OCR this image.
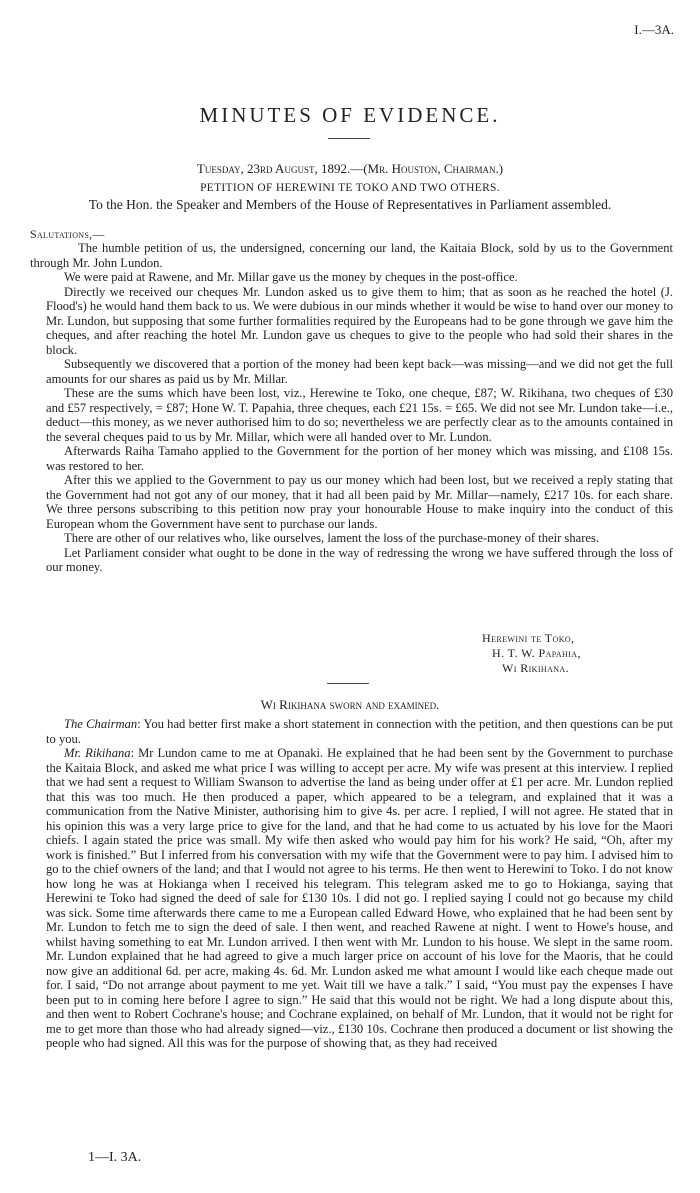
I.—3A.
MINUTES OF EVIDENCE.
Tuesday, 23rd August, 1892.—(Mr. Houston, Chairman.)
PETITION OF HEREWINI TE TOKO AND TWO OTHERS.
To the Hon. the Speaker and Members of the House of Representatives in Parliament assembled.
Salutations,—

The humble petition of us, the undersigned, concerning our land, the Kaitaia Block, sold by us to the Government through Mr. John Lundon.

We were paid at Rawene, and Mr. Millar gave us the money by cheques in the post-office.

Directly we received our cheques Mr. Lundon asked us to give them to him; that as soon as he reached the hotel (J. Flood's) he would hand them back to us. We were dubious in our minds whether it would be wise to hand over our money to Mr. Lundon, but supposing that some further formalities required by the Europeans had to be gone through we gave him the cheques, and after reaching the hotel Mr. Lundon gave us cheques to give to the people who had sold their shares in the block.

Subsequently we discovered that a portion of the money had been kept back—was missing—and we did not get the full amounts for our shares as paid us by Mr. Millar.

These are the sums which have been lost, viz., Herewine te Toko, one cheque, £87; W. Rikihana, two cheques of £30 and £57 respectively, = £87; Hone W. T. Papahia, three cheques, each £21 15s. = £65. We did not see Mr. Lundon take—i.e., deduct—this money, as we never authorised him to do so; nevertheless we are perfectly clear as to the amounts contained in the several cheques paid to us by Mr. Millar, which were all handed over to Mr. Lundon.

Afterwards Raiha Tamaho applied to the Government for the portion of her money which was missing, and £108 15s. was restored to her.

After this we applied to the Government to pay us our money which had been lost, but we received a reply stating that the Government had not got any of our money, that it had all been paid by Mr. Millar—namely, £217 10s. for each share. We three persons subscribing to this petition now pray your honourable House to make inquiry into the conduct of this European whom the Government have sent to purchase our lands.

There are other of our relatives who, like ourselves, lament the loss of the purchase-money of their shares.

Let Parliament consider what ought to be done in the way of redressing the wrong we have suffered through the loss of our money.

Herewini te Toko,
H. T. W. Papahia,
Wi Rikihana.
Wi Rikihana sworn and examined.

The Chairman: You had better first make a short statement in connection with the petition, and then questions can be put to you.

Mr. Rikihana: Mr Lundon came to me at Opanaki. He explained that he had been sent by the Government to purchase the Kaitaia Block, and asked me what price I was willing to accept per acre. My wife was present at this interview. I replied that we had sent a request to William Swanson to advertise the land as being under offer at £1 per acre. Mr. Lundon replied that this was too much. He then produced a paper, which appeared to be a telegram, and explained that it was a communication from the Native Minister, authorising him to give 4s. per acre. I replied, I will not agree. He stated that in his opinion this was a very large price to give for the land, and that he had come to us actuated by his love for the Maori chiefs. I again stated the price was small. My wife then asked who would pay him for his work? He said, “Oh, after my work is finished.” But I inferred from his conversation with my wife that the Government were to pay him. I advised him to go to the chief owners of the land; and that I would not agree to his terms. He then went to Herewini to Toko. I do not know how long he was at Hokianga when I received his telegram. This telegram asked me to go to Hokianga, saying that Herewini te Toko had signed the deed of sale for £130 10s. I did not go. I replied saying I could not go because my child was sick. Some time afterwards there came to me a European called Edward Howe, who explained that he had been sent by Mr. Lundon to fetch me to sign the deed of sale. I then went, and reached Rawene at night. I went to Howe's house, and whilst having something to eat Mr. Lundon arrived. I then went with Mr. Lundon to his house. We slept in the same room. Mr. Lundon explained that he had agreed to give a much larger price on account of his love for the Maoris, that he could now give an additional 6d. per acre, making 4s. 6d. Mr. Lundon asked me what amount I would like each cheque made out for. I said, “Do not arrange about payment to me yet. Wait till we have a talk.” I said, “You must pay the expenses I have been put to in coming here before I agree to sign.” He said that this would not be right. We had a long dispute about this, and then went to Robert Cochrane's house; and Cochrane explained, on behalf of Mr. Lundon, that it would not be right for me to get more than those who had already signed—viz., £130 10s. Cochrane then produced a document or list showing the people who had signed. All this was for the purpose of showing that, as they had received

1—I. 3A.
